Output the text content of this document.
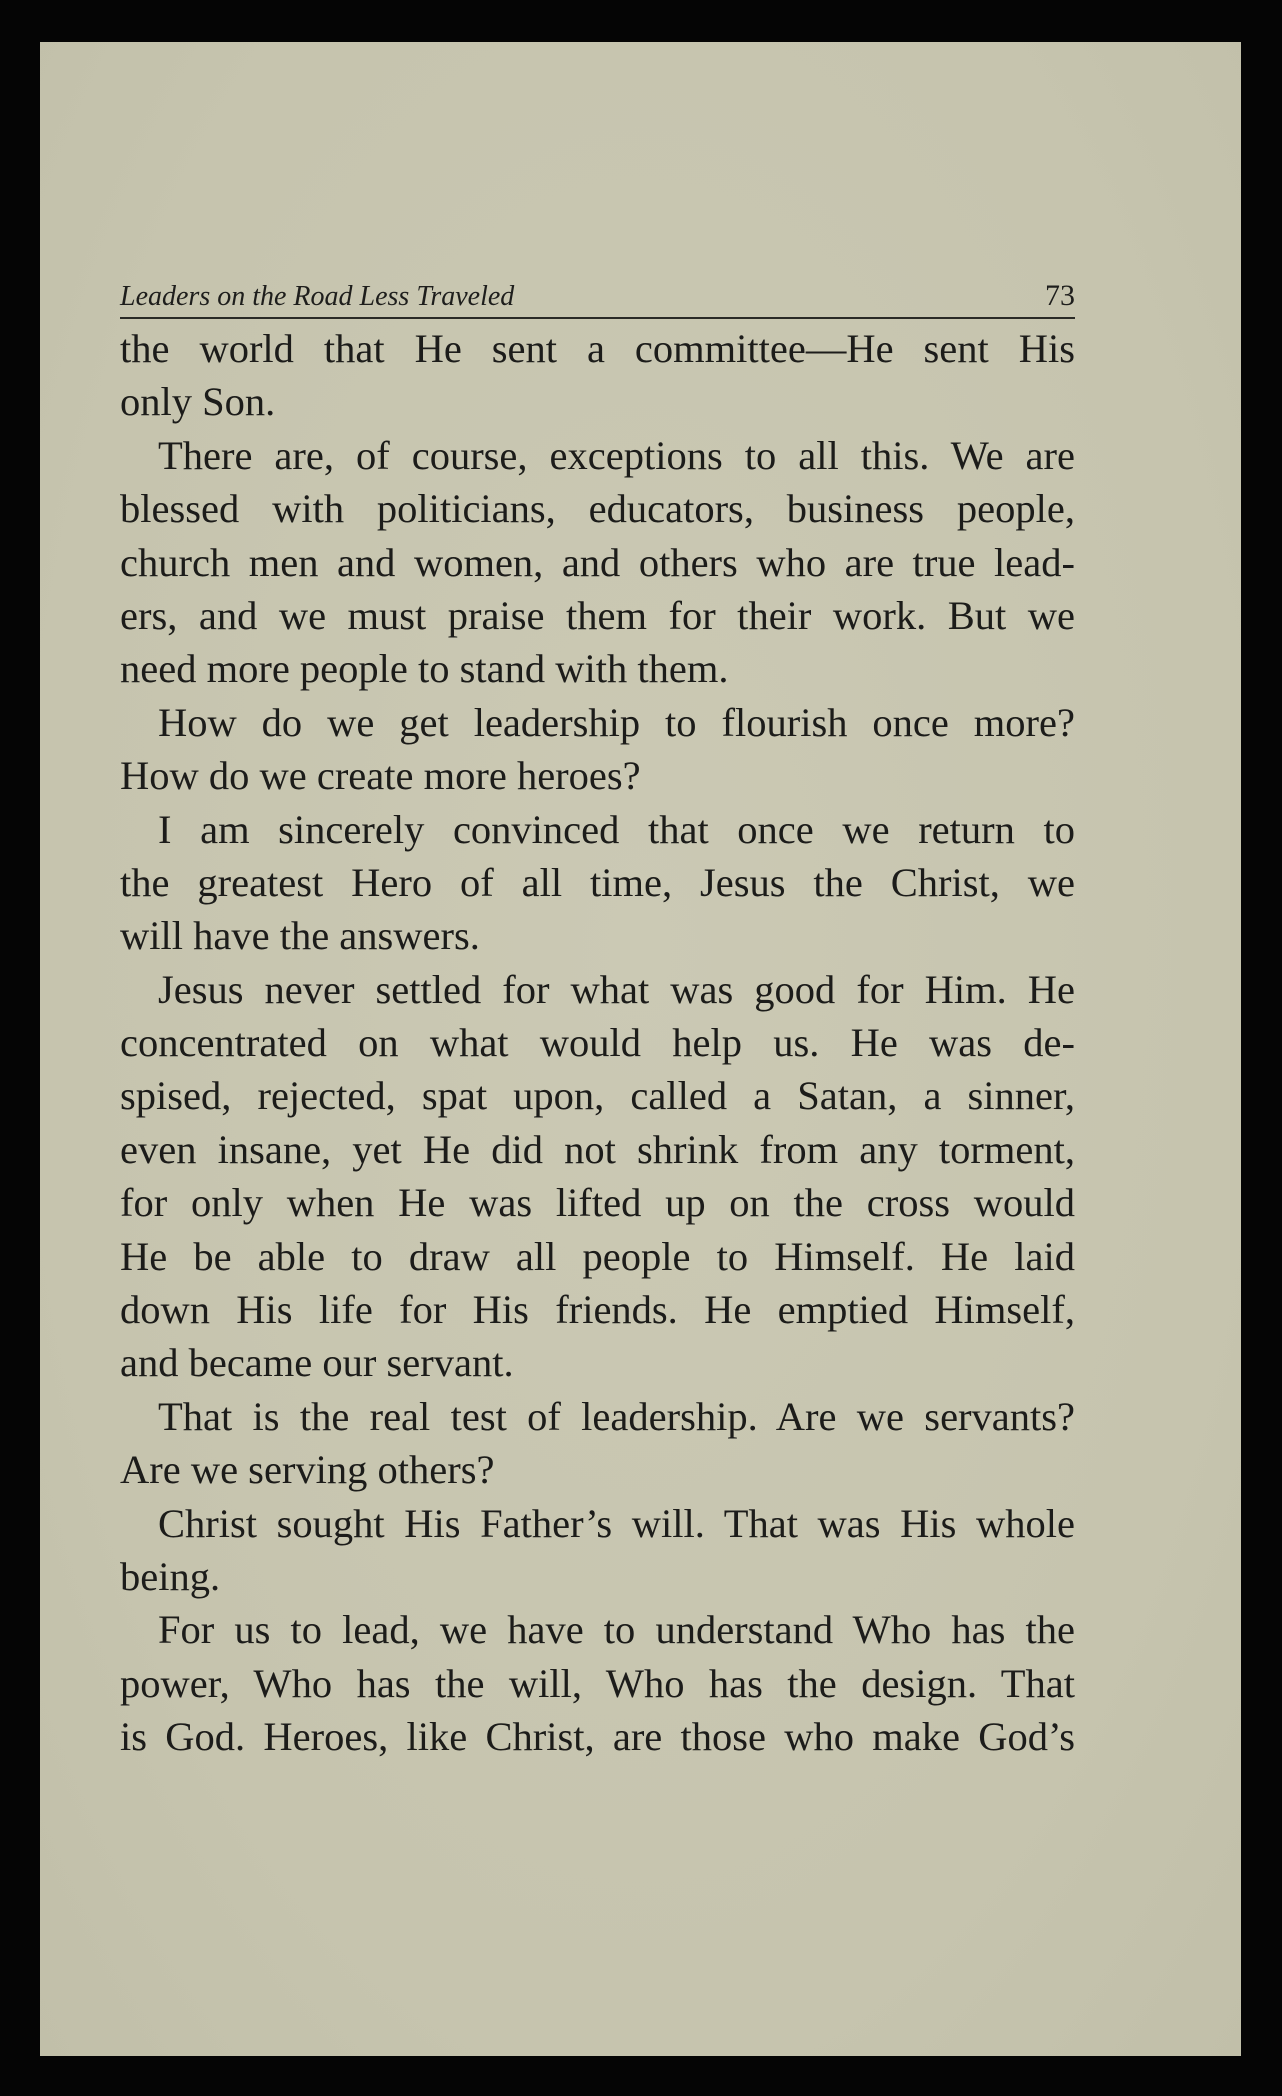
Leaders on the Road Less Traveled	73
the world that He sent a committee—He sent His
only Son.
There are, of course, exceptions to all this. We are
blessed with politicians, educators, business people,
church men and women, and others who are true lead-
ers, and we must praise them for their work. But we
need more people to stand with them.
How do we get leadership to flourish once more?
How do we create more heroes?
I am sincerely convinced that once we return to
the greatest Hero of all time, Jesus the Christ, we
will have the answers.
Jesus never settled for what was good for Him. He
concentrated on what would help us. He was de-
spised, rejected, spat upon, called a Satan, a sinner,
even insane, yet He did not shrink from any torment,
for only when He was lifted up on the cross would
He be able to draw all people to Himself. He laid
down His life for His friends. He emptied Himself,
and became our servant.
That is the real test of leadership. Are we servants?
Are we serving others?
Christ sought His Father’s will. That was His whole
being.
For us to lead, we have to understand Who has the
power, Who has the will, Who has the design. That
is God. Heroes, like Christ, are those who make God’s
